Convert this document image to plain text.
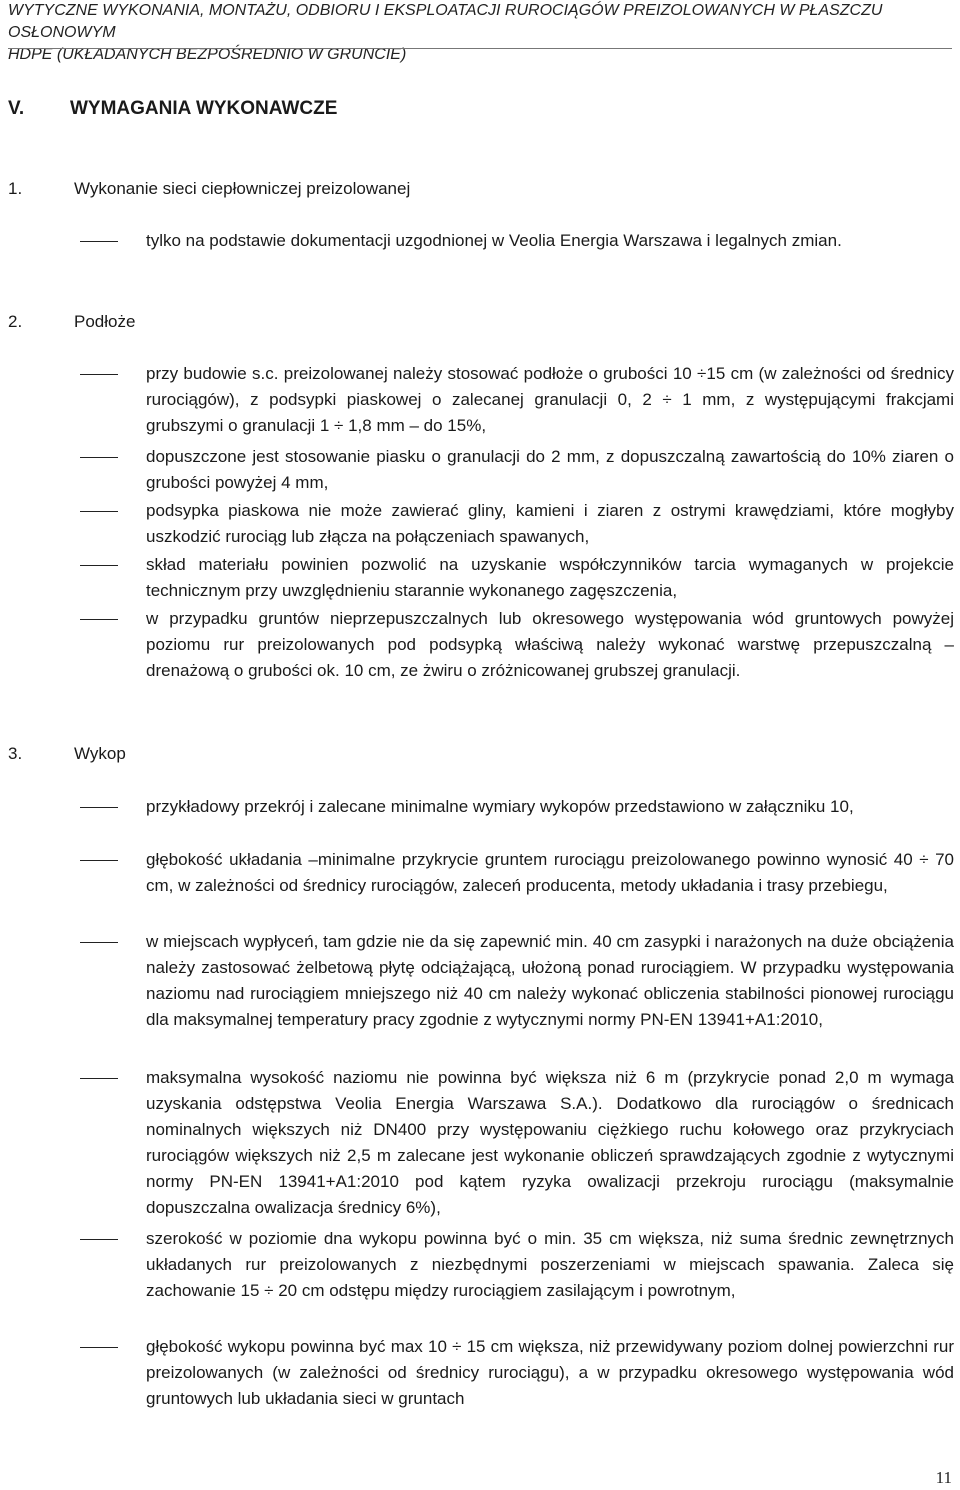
WYTYCZNE WYKONANIA, MONTAŻU, ODBIORU I EKSPLOATACJI RUROCIĄGÓW PREIZOLOWANYCH W PŁASZCZU OSŁONOWYM
HDPE (UKŁADANYCH BEZPOŚREDNIO W GRUNCIE)
V. WYMAGANIA WYKONAWCZE
1.	Wykonanie sieci ciepłowniczej preizolowanej
tylko na podstawie dokumentacji uzgodnionej w Veolia Energia Warszawa i legalnych zmian.
2.	Podłoże
przy budowie s.c. preizolowanej należy stosować podłoże o grubości 10 ÷15 cm (w zależności od średnicy rurociągów), z podsypki piaskowej o zalecanej granulacji 0, 2 ÷ 1 mm, z występującymi frakcjami grubszymi o granulacji 1 ÷ 1,8 mm – do 15%,
dopuszczone jest stosowanie piasku o granulacji do 2 mm, z dopuszczalną zawartością do 10% ziaren o grubości powyżej 4 mm,
podsypka piaskowa nie może zawierać gliny, kamieni i ziaren z ostrymi krawędziami, które mogłyby uszkodzić rurociąg lub złącza na połączeniach spawanych,
skład materiału powinien pozwolić na uzyskanie współczynników tarcia wymaganych w projekcie technicznym przy uwzględnieniu starannie wykonanego zagęszczenia,
w przypadku gruntów nieprzepuszczalnych lub okresowego występowania wód gruntowych powyżej poziomu rur preizolowanych pod podsypką właściwą należy wykonać warstwę przepuszczalną – drenażową o grubości ok. 10 cm, ze żwiru o zróżnicowanej grubszej granulacji.
3.	Wykop
przykładowy przekrój i zalecane minimalne wymiary wykopów przedstawiono w załączniku 10,
głębokość układania –minimalne przykrycie gruntem rurociągu preizolowanego powinno wynosić 40 ÷ 70 cm, w zależności od średnicy rurociągów, zaleceń producenta, metody układania i trasy przebiegu,
w miejscach wypłyceń, tam gdzie nie da się zapewnić min. 40 cm zasypki i narażonych na duże obciążenia należy zastosować żelbetową płytę odciążającą, ułożoną ponad rurociągiem. W przypadku występowania naziomu nad rurociągiem mniejszego niż 40 cm należy wykonać obliczenia stabilności pionowej rurociągu dla maksymalnej temperatury pracy zgodnie z wytycznymi normy PN-EN 13941+A1:2010,
maksymalna wysokość naziomu nie powinna być większa niż 6 m (przykrycie ponad 2,0 m wymaga uzyskania odstępstwa Veolia Energia Warszawa S.A.). Dodatkowo dla rurociągów o średnicach nominalnych większych niż DN400 przy występowaniu ciężkiego ruchu kołowego oraz przykryciach rurociągów większych niż 2,5 m zalecane jest wykonanie obliczeń sprawdzających zgodnie z wytycznymi normy PN-EN 13941+A1:2010 pod kątem ryzyka owalizacji przekroju rurociągu (maksymalnie dopuszczalna owalizacja średnicy 6%),
szerokość w poziomie dna wykopu powinna być o min. 35 cm większa, niż suma średnic zewnętrznych układanych rur preizolowanych z niezbędnymi poszerzeniami w miejscach spawania. Zaleca się zachowanie 15 ÷ 20 cm odstępu między rurociągiem zasilającym i powrotnym,
głębokość wykopu powinna być max 10 ÷ 15 cm większa, niż przewidywany poziom dolnej powierzchni rur preizolowanych (w zależności od średnicy rurociągu), a w przypadku okresowego występowania wód gruntowych lub układania sieci w gruntach
11
